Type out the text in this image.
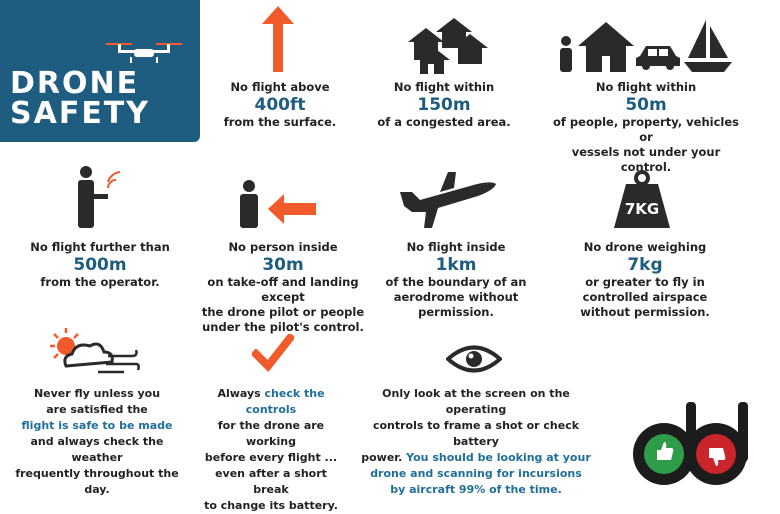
DRONE
SAFETY
No flight above
400ft
from the surface.
No flight within
150m
of a congested area.
No flight within
50m
of people, property, vehicles or
vessels not under your control.
No flight further than
500m
from the operator.
No person inside
30m
on take-off and landing except
the drone pilot or people
under the pilot's control.
No flight inside
1km
of the boundary of an
aerodrome without permission.
7KG
No drone weighing
7kg
or greater to fly in
controlled airspace
without permission.
Never fly unless you
are satisfied the
flight is safe to be made
and always check the weather
frequently throughout the day.
Always check the controls
for the drone are working
before every flight ...
even after a short break
to change its battery.
Only look at the screen on the operating
controls to frame a shot or check battery
power. You should be looking at your
drone and scanning for incursions
by aircraft 99% of the time.
